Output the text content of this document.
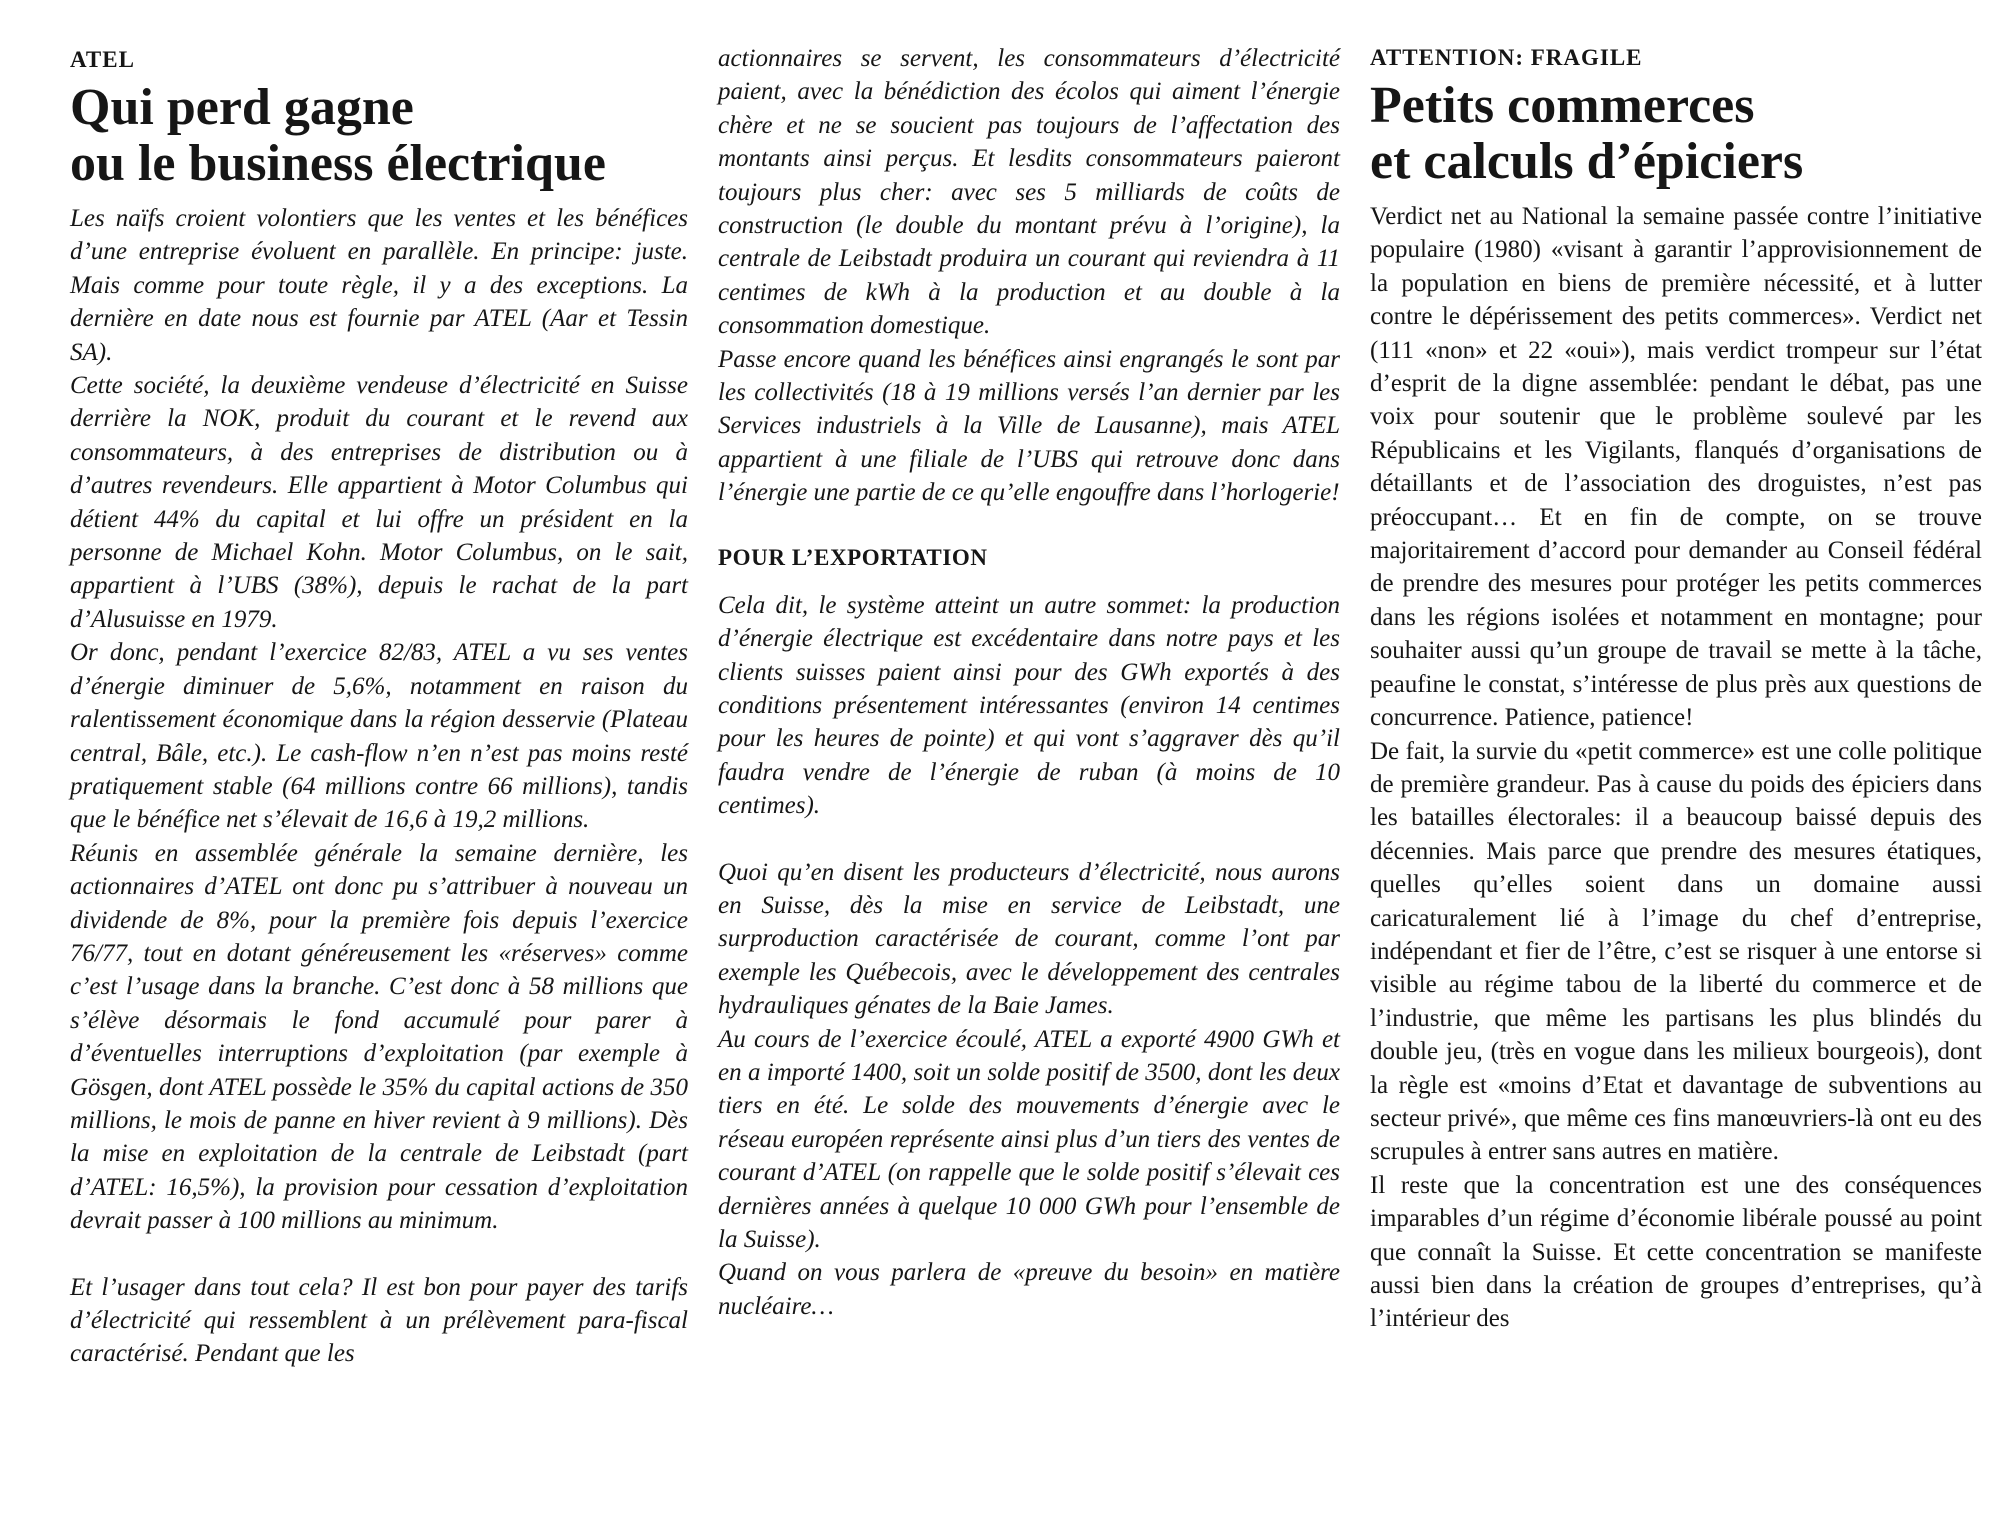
ATEL
Qui perd gagne
ou le business électrique

Les naïfs croient volontiers que les ventes et les bénéfices d’une entreprise évoluent en parallèle. En principe: juste. Mais comme pour toute règle, il y a des exceptions. La dernière en date nous est fournie par ATEL (Aar et Tessin SA).

Cette société, la deuxième vendeuse d’électricité en Suisse derrière la NOK, produit du courant et le revend aux consommateurs, à des entreprises de distribution ou à d’autres revendeurs. Elle appartient à Motor Columbus qui détient 44% du capital et lui offre un président en la personne de Michael Kohn. Motor Columbus, on le sait, appartient à l’UBS (38%), depuis le rachat de la part d’Alusuisse en 1979.

Or donc, pendant l’exercice 82/83, ATEL a vu ses ventes d’énergie diminuer de 5,6%, notamment en raison du ralentissement économique dans la région desservie (Plateau central, Bâle, etc.). Le cash-flow n’en n’est pas moins resté pratiquement stable (64 millions contre 66 millions), tandis que le bénéfice net s’élevait de 16,6 à 19,2 millions.

Réunis en assemblée générale la semaine dernière, les actionnaires d’ATEL ont donc pu s’attribuer à nouveau un dividende de 8%, pour la première fois depuis l’exercice 76/77, tout en dotant généreusement les «réserves» comme c’est l’usage dans la branche. C’est donc à 58 millions que s’élève désormais le fond accumulé pour parer à d’éventuelles interruptions d’exploitation (par exemple à Gösgen, dont ATEL possède le 35% du capital actions de 350 millions, le mois de panne en hiver revient à 9 millions). Dès la mise en exploitation de la centrale de Leibstadt (part d’ATEL: 16,5%), la provision pour cessation d’exploitation devrait passer à 100 millions au minimum.

Et l’usager dans tout cela? Il est bon pour payer des tarifs d’électricité qui ressemblent à un prélèvement para-fiscal caractérisé. Pendant que les

actionnaires se servent, les consommateurs d’électricité paient, avec la bénédiction des écolos qui aiment l’énergie chère et ne se soucient pas toujours de l’affectation des montants ainsi perçus. Et lesdits consommateurs paieront toujours plus cher: avec ses 5 milliards de coûts de construction (le double du montant prévu à l’origine), la centrale de Leibstadt produira un courant qui reviendra à 11 centimes de kWh à la production et au double à la consommation domestique.

Passe encore quand les bénéfices ainsi engrangés le sont par les collectivités (18 à 19 millions versés l’an dernier par les Services industriels à la Ville de Lausanne), mais ATEL appartient à une filiale de l’UBS qui retrouve donc dans l’énergie une partie de ce qu’elle engouffre dans l’horlogerie!

POUR L’EXPORTATION

Cela dit, le système atteint un autre sommet: la production d’énergie électrique est excédentaire dans notre pays et les clients suisses paient ainsi pour des GWh exportés à des conditions présentement intéressantes (environ 14 centimes pour les heures de pointe) et qui vont s’aggraver dès qu’il faudra vendre de l’énergie de ruban (à moins de 10 centimes).

Quoi qu’en disent les producteurs d’électricité, nous aurons en Suisse, dès la mise en service de Leibstadt, une surproduction caractérisée de courant, comme l’ont par exemple les Québecois, avec le développement des centrales hydrauliques génates de la Baie James.

Au cours de l’exercice écoulé, ATEL a exporté 4900 GWh et en a importé 1400, soit un solde positif de 3500, dont les deux tiers en été. Le solde des mouvements d’énergie avec le réseau européen représente ainsi plus d’un tiers des ventes de courant d’ATEL (on rappelle que le solde positif s’élevait ces dernières années à quelque 10 000 GWh pour l’ensemble de la Suisse).

Quand on vous parlera de «preuve du besoin» en matière nucléaire…

ATTENTION: FRAGILE
Petits commerces
et calculs d’épiciers

Verdict net au National la semaine passée contre l’initiative populaire (1980) «visant à garantir l’approvisionnement de la population en biens de première nécessité, et à lutter contre le dépérissement des petits commerces». Verdict net (111 «non» et 22 «oui»), mais verdict trompeur sur l’état d’esprit de la digne assemblée: pendant le débat, pas une voix pour soutenir que le problème soulevé par les Républicains et les Vigilants, flanqués d’organisations de détaillants et de l’association des droguistes, n’est pas préoccupant… Et en fin de compte, on se trouve majoritairement d’accord pour demander au Conseil fédéral de prendre des mesures pour protéger les petits commerces dans les régions isolées et notamment en montagne; pour souhaiter aussi qu’un groupe de travail se mette à la tâche, peaufine le constat, s’intéresse de plus près aux questions de concurrence. Patience, patience!

De fait, la survie du «petit commerce» est une colle politique de première grandeur. Pas à cause du poids des épiciers dans les batailles électorales: il a beaucoup baissé depuis des décennies. Mais parce que prendre des mesures étatiques, quelles qu’elles soient dans un domaine aussi caricaturalement lié à l’image du chef d’entreprise, indépendant et fier de l’être, c’est se risquer à une entorse si visible au régime tabou de la liberté du commerce et de l’industrie, que même les partisans les plus blindés du double jeu, (très en vogue dans les milieux bourgeois), dont la règle est «moins d’Etat et davantage de subventions au secteur privé», que même ces fins manœuvriers-là ont eu des scrupules à entrer sans autres en matière.

Il reste que la concentration est une des conséquences imparables d’un régime d’économie libérale poussé au point que connaît la Suisse. Et cette concentration se manifeste aussi bien dans la création de groupes d’entreprises, qu’à l’intérieur des
